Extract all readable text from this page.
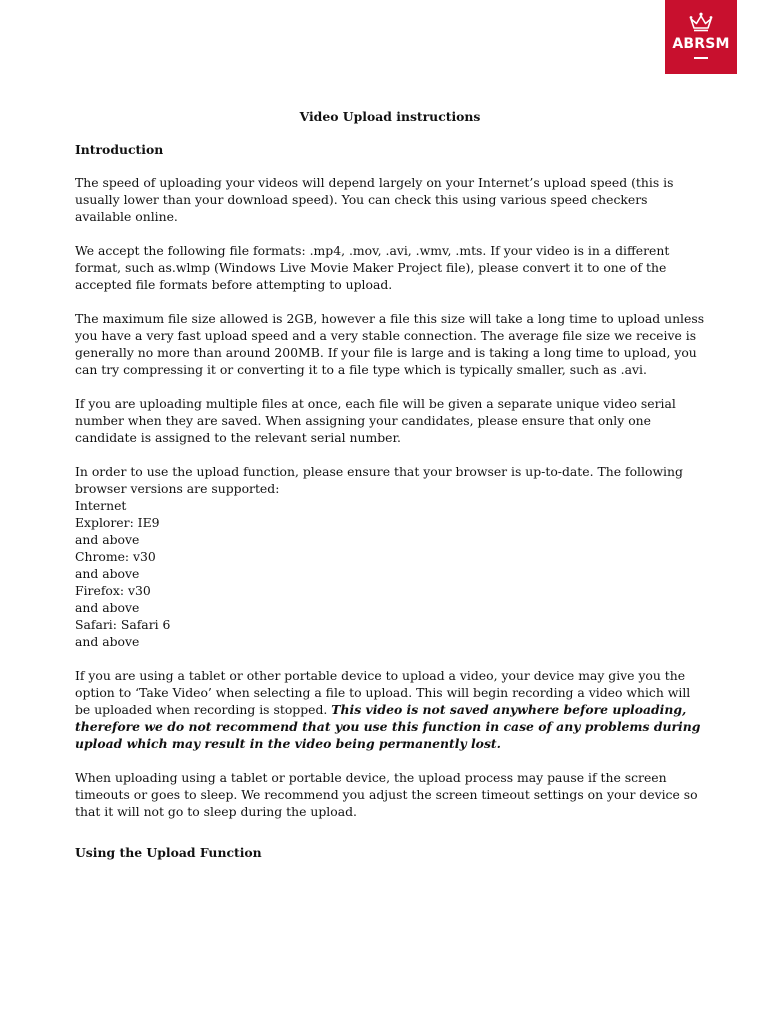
ABRSM
Video Upload instructions
Introduction

The speed of uploading your videos will depend largely on your Internet’s upload speed (this is usually lower than your download speed). You can check this using various speed checkers available online.

We accept the following file formats: .mp4, .mov, .avi, .wmv, .mts. If your video is in a different format, such as.wlmp (Windows Live Movie Maker Project file), please convert it to one of the accepted file formats before attempting to upload.

The maximum file size allowed is 2GB, however a file this size will take a long time to upload unless you have a very fast upload speed and a very stable connection. The average file size we receive is generally no more than around 200MB. If your file is large and is taking a long time to upload, you can try compressing it or converting it to a file type which is typically smaller, such as .avi.

If you are uploading multiple files at once, each file will be given a separate unique video serial number when they are saved. When assigning your candidates, please ensure that only one candidate is assigned to the relevant serial number.

In order to use the upload function, please ensure that your browser is up-to-date. The following browser versions are supported:
Internet Explorer: IE9 and above
Chrome: v30 and above
Firefox: v30 and above
Safari: Safari 6 and above

If you are using a tablet or other portable device to upload a video, your device may give you the option to ‘Take Video’ when selecting a file to upload. This will begin recording a video which will be uploaded when recording is stopped. This video is not saved anywhere before uploading, therefore we do not recommend that you use this function in case of any problems during upload which may result in the video being permanently lost.

When uploading using a tablet or portable device, the upload process may pause if the screen timeouts or goes to sleep. We recommend you adjust the screen timeout settings on your device so that it will not go to sleep during the upload.

Using the Upload Function
